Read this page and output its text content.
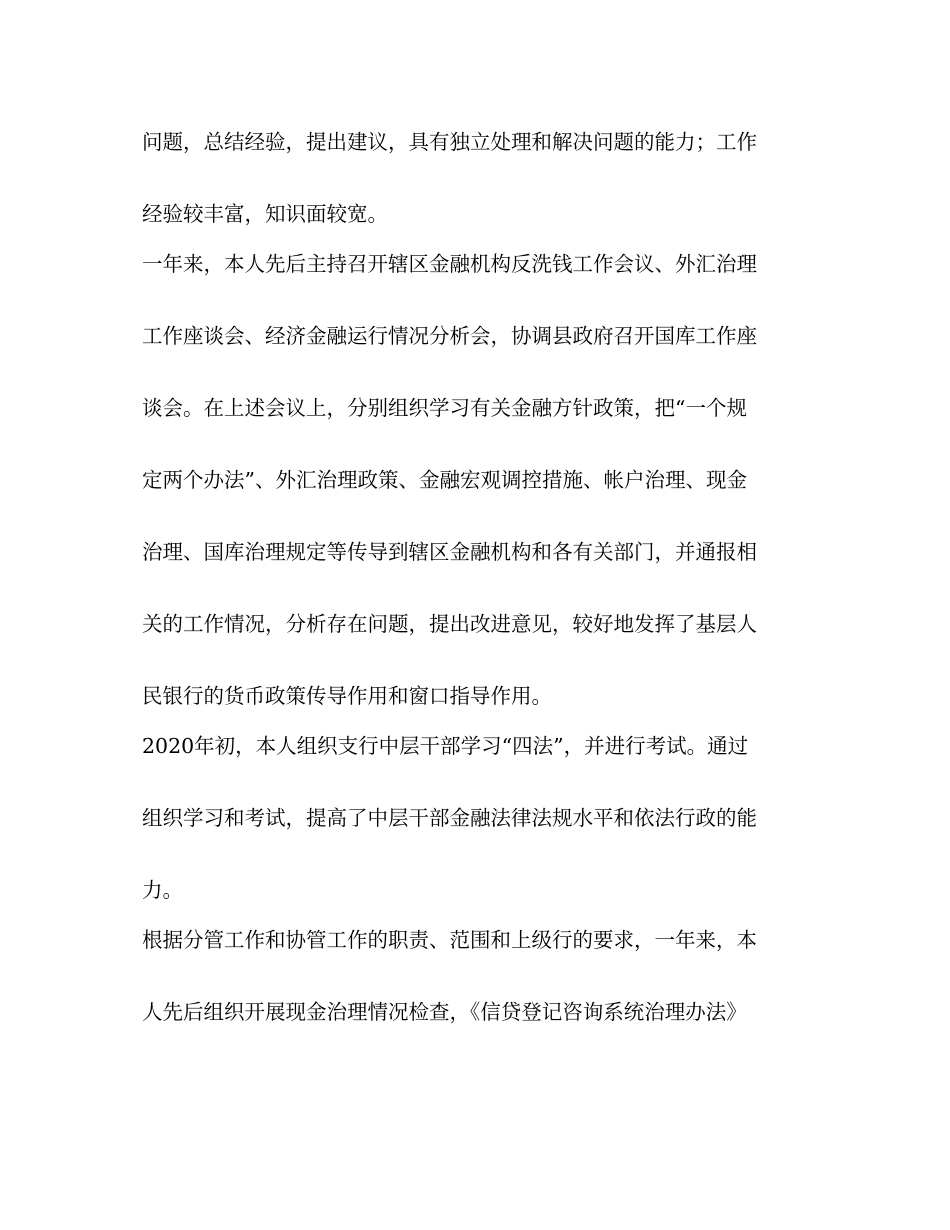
问题，总结经验，提出建议，具有独立处理和解决问题的能力；工作

经验较丰富，知识面较宽。

一年来，本人先后主持召开辖区金融机构反洗钱工作会议、外汇治理

工作座谈会、经济金融运行情况分析会，协调县政府召开国库工作座

谈会。在上述会议上，分别组织学习有关金融方针政策，把“一个规

定两个办法”、外汇治理政策、金融宏观调控措施、帐户治理、现金

治理、国库治理规定等传导到辖区金融机构和各有关部门，并通报相

关的工作情况，分析存在问题，提出改进意见，较好地发挥了基层人

民银行的货币政策传导作用和窗口指导作用。

2020年初，本人组织支行中层干部学习“四法”，并进行考试。通过

组织学习和考试，提高了中层干部金融法律法规水平和依法行政的能

力。

根据分管工作和协管工作的职责、范围和上级行的要求，一年来，本

人先后组织开展现金治理情况检查，《信贷登记咨询系统治理办法》
